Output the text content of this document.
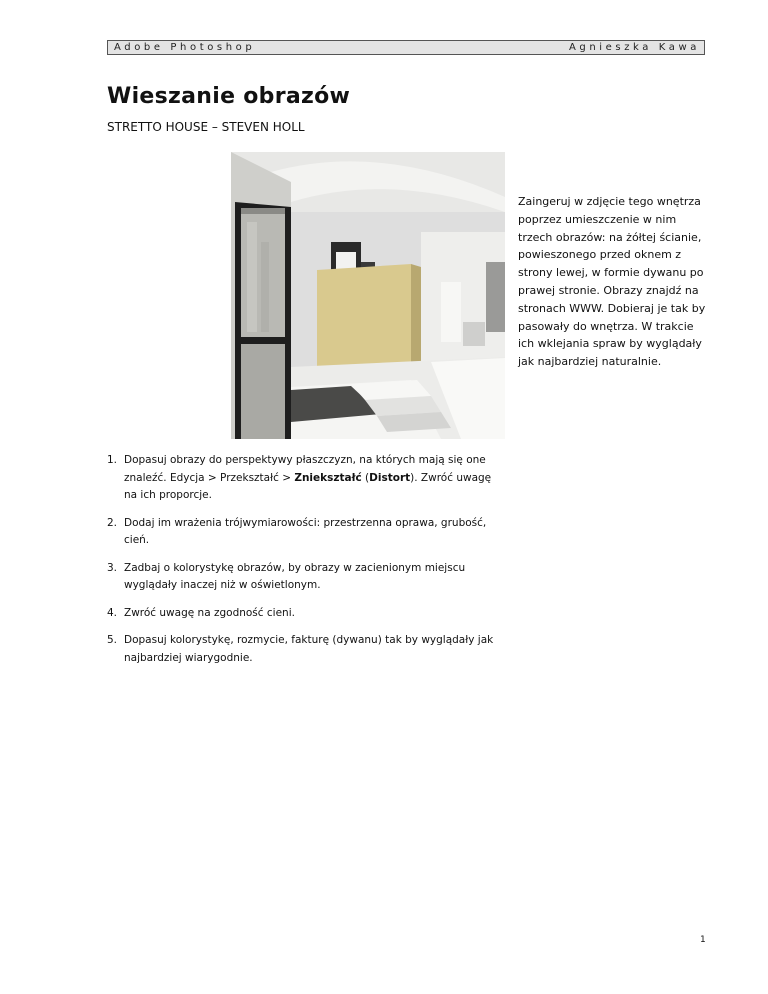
Adobe Photoshop	Agnieszka Kawa
Wieszanie obrazów
STRETTO HOUSE – STEVEN HOLL
Zaingeruj w zdjęcie tego wnętrza poprzez umieszczenie w nim trzech obrazów: na żółtej ścianie, powieszonego przed oknem z strony lewej, w formie dywanu po prawej stronie. Obrazy znajdź na stronach WWW. Dobieraj je tak by pasowały do wnętrza. W trakcie ich wklejania spraw by wyglądały jak najbardziej naturalnie.
1. Dopasuj obrazy do perspektywy płaszczyzn, na których mają się one znaleźć. Edycja > Przekształć > Zniekształć (Distort). Zwróć uwagę na ich proporcje.
2. Dodaj im wrażenia trójwymiarowości: przestrzenna oprawa, grubość, cień.
3. Zadbaj o kolorystykę obrazów, by obrazy w zacienionym miejscu wyglądały inaczej niż w oświetlonym.
4. Zwróć uwagę na zgodność cieni.
5. Dopasuj kolorystykę, rozmycie, fakturę (dywanu) tak by wyglądały jak najbardziej wiarygodnie.
1
